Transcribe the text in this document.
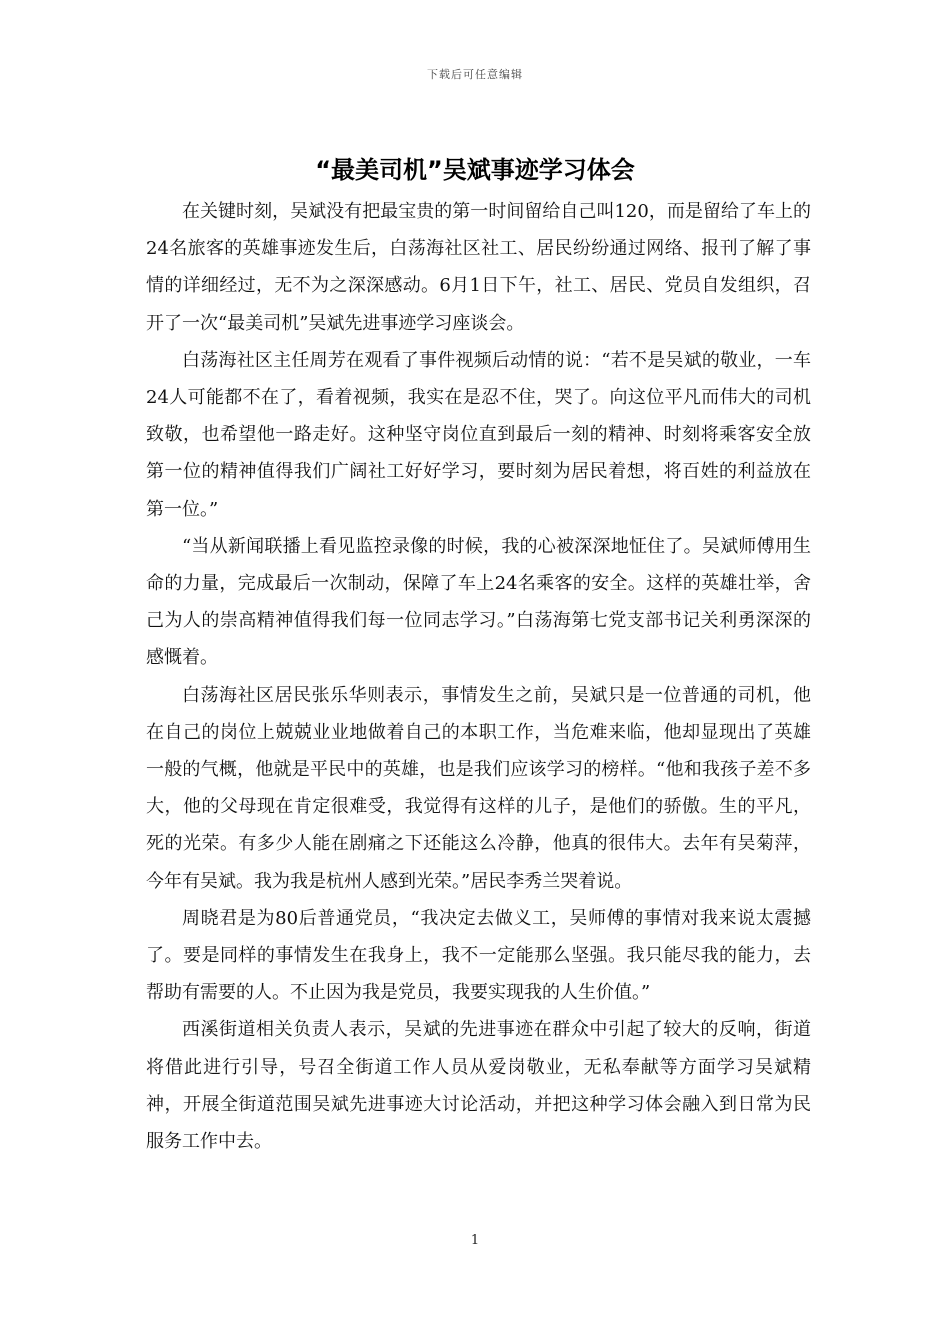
下载后可任意编辑
“最美司机”吴斌事迹学习体会

在关键时刻，吴斌没有把最宝贵的第一时间留给自己叫120，而是留给了车上的24名旅客的英雄事迹发生后，白荡海社区社工、居民纷纷通过网络、报刊了解了事情的详细经过，无不为之深深感动。6月1日下午，社工、居民、党员自发组织，召开了一次“最美司机”吴斌先进事迹学习座谈会。

白荡海社区主任周芳在观看了事件视频后动情的说：“若不是吴斌的敬业，一车24人可能都不在了，看着视频，我实在是忍不住，哭了。向这位平凡而伟大的司机致敬，也希望他一路走好。这种坚守岗位直到最后一刻的精神、时刻将乘客安全放第一位的精神值得我们广阔社工好好学习，要时刻为居民着想，将百姓的利益放在第一位。”

“当从新闻联播上看见监控录像的时候，我的心被深深地怔住了。吴斌师傅用生命的力量，完成最后一次制动，保障了车上24名乘客的安全。这样的英雄壮举，舍己为人的崇高精神值得我们每一位同志学习。”白荡海第七党支部书记关利勇深深的感慨着。

白荡海社区居民张乐华则表示，事情发生之前，吴斌只是一位普通的司机，他在自己的岗位上兢兢业业地做着自己的本职工作，当危难来临，他却显现出了英雄一般的气概，他就是平民中的英雄，也是我们应该学习的榜样。“他和我孩子差不多大，他的父母现在肯定很难受，我觉得有这样的儿子，是他们的骄傲。生的平凡，死的光荣。有多少人能在剧痛之下还能这么冷静，他真的很伟大。去年有吴菊萍，今年有吴斌。我为我是杭州人感到光荣。”居民李秀兰哭着说。

周晓君是为80后普通党员，“我决定去做义工，吴师傅的事情对我来说太震撼了。要是同样的事情发生在我身上，我不一定能那么坚强。我只能尽我的能力，去帮助有需要的人。不止因为我是党员，我要实现我的人生价值。”

西溪街道相关负责人表示，吴斌的先进事迹在群众中引起了较大的反响，街道将借此进行引导，号召全街道工作人员从爱岗敬业，无私奉献等方面学习吴斌精神，开展全街道范围吴斌先进事迹大讨论活动，并把这种学习体会融入到日常为民服务工作中去。

1
